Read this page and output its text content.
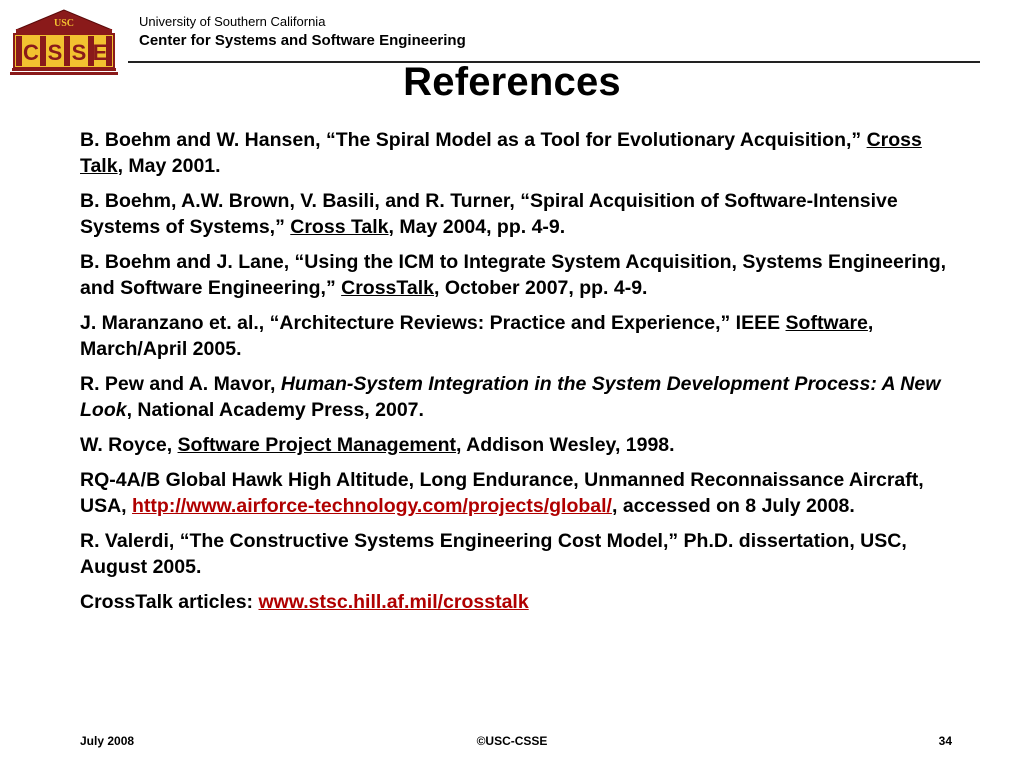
USC
C S S E
University of Southern California
Center for Systems and Software Engineering
References

B. Boehm and W. Hansen, “The Spiral Model as a Tool for Evolutionary Acquisition,” Cross Talk, May 2001.

B. Boehm, A.W. Brown, V. Basili, and R. Turner, “Spiral Acquisition of Software-Intensive Systems of Systems,” Cross Talk, May 2004, pp. 4-9.

B. Boehm and J. Lane, “Using the ICM to Integrate System Acquisition, Systems Engineering, and Software Engineering,” CrossTalk, October 2007, pp. 4-9.

J. Maranzano et. al., “Architecture Reviews: Practice and Experience,” IEEE Software, March/April 2005.

R. Pew and A. Mavor, Human-System Integration in the System Development Process: A New Look, National Academy Press, 2007.

W. Royce, Software Project Management, Addison Wesley, 1998.

RQ-4A/B Global Hawk High Altitude, Long Endurance, Unmanned Reconnaissance Aircraft, USA, http://www.airforce-technology.com/projects/global/, accessed on 8 July 2008.

R. Valerdi, “The Constructive Systems Engineering Cost Model,” Ph.D. dissertation, USC, August 2005.

CrossTalk articles: www.stsc.hill.af.mil/crosstalk

July 2008	©USC-CSSE	34
